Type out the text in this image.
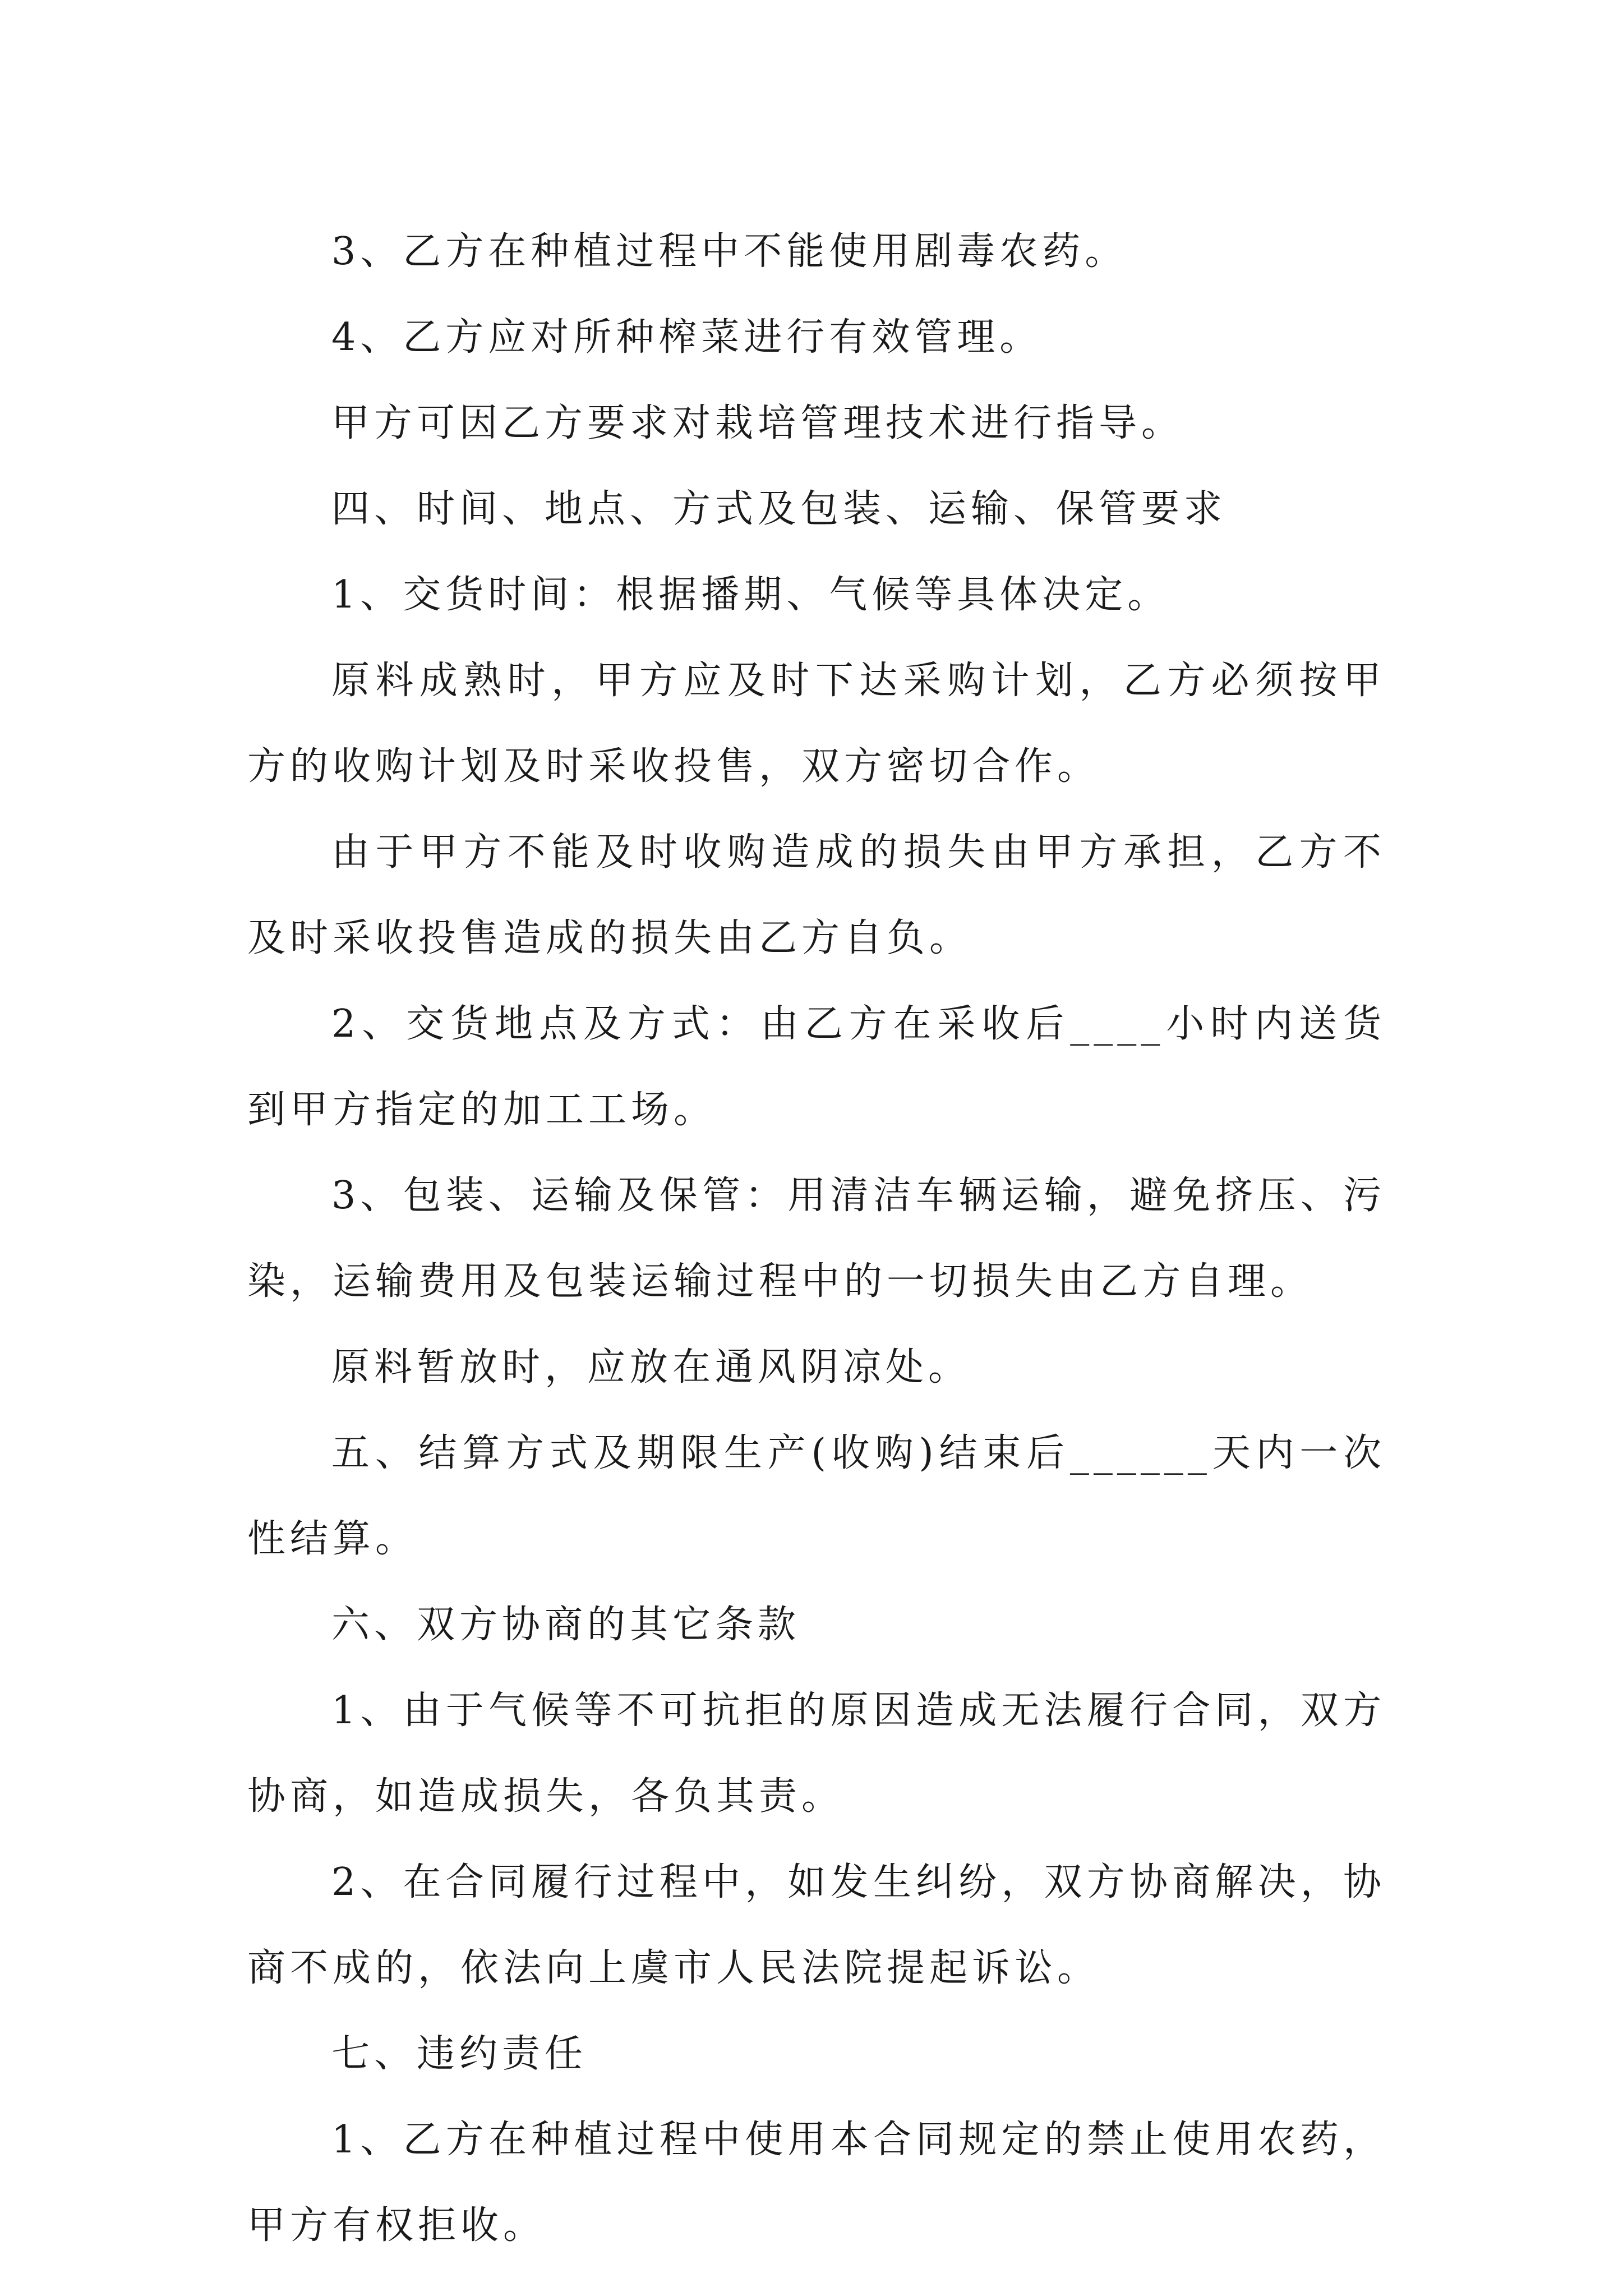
3、乙方在种植过程中不能使用剧毒农药。

4、乙方应对所种榨菜进行有效管理。

甲方可因乙方要求对栽培管理技术进行指导。

四、时间、地点、方式及包装、运输、保管要求

1、交货时间：根据播期、气候等具体决定。

原料成熟时，甲方应及时下达采购计划，乙方必须按甲方的收购计划及时采收投售，双方密切合作。

由于甲方不能及时收购造成的损失由甲方承担，乙方不及时采收投售造成的损失由乙方自负。

2、交货地点及方式：由乙方在采收后____小时内送货到甲方指定的加工工场。

3、包装、运输及保管：用清洁车辆运输，避免挤压、污染，运输费用及包装运输过程中的一切损失由乙方自理。

原料暂放时，应放在通风阴凉处。

五、结算方式及期限生产(收购)结束后______天内一次性结算。

六、双方协商的其它条款

1、由于气候等不可抗拒的原因造成无法履行合同，双方协商，如造成损失，各负其责。

2、在合同履行过程中，如发生纠纷，双方协商解决，协商不成的，依法向上虞市人民法院提起诉讼。

七、违约责任

1、乙方在种植过程中使用本合同规定的禁止使用农药，甲方有权拒收。
